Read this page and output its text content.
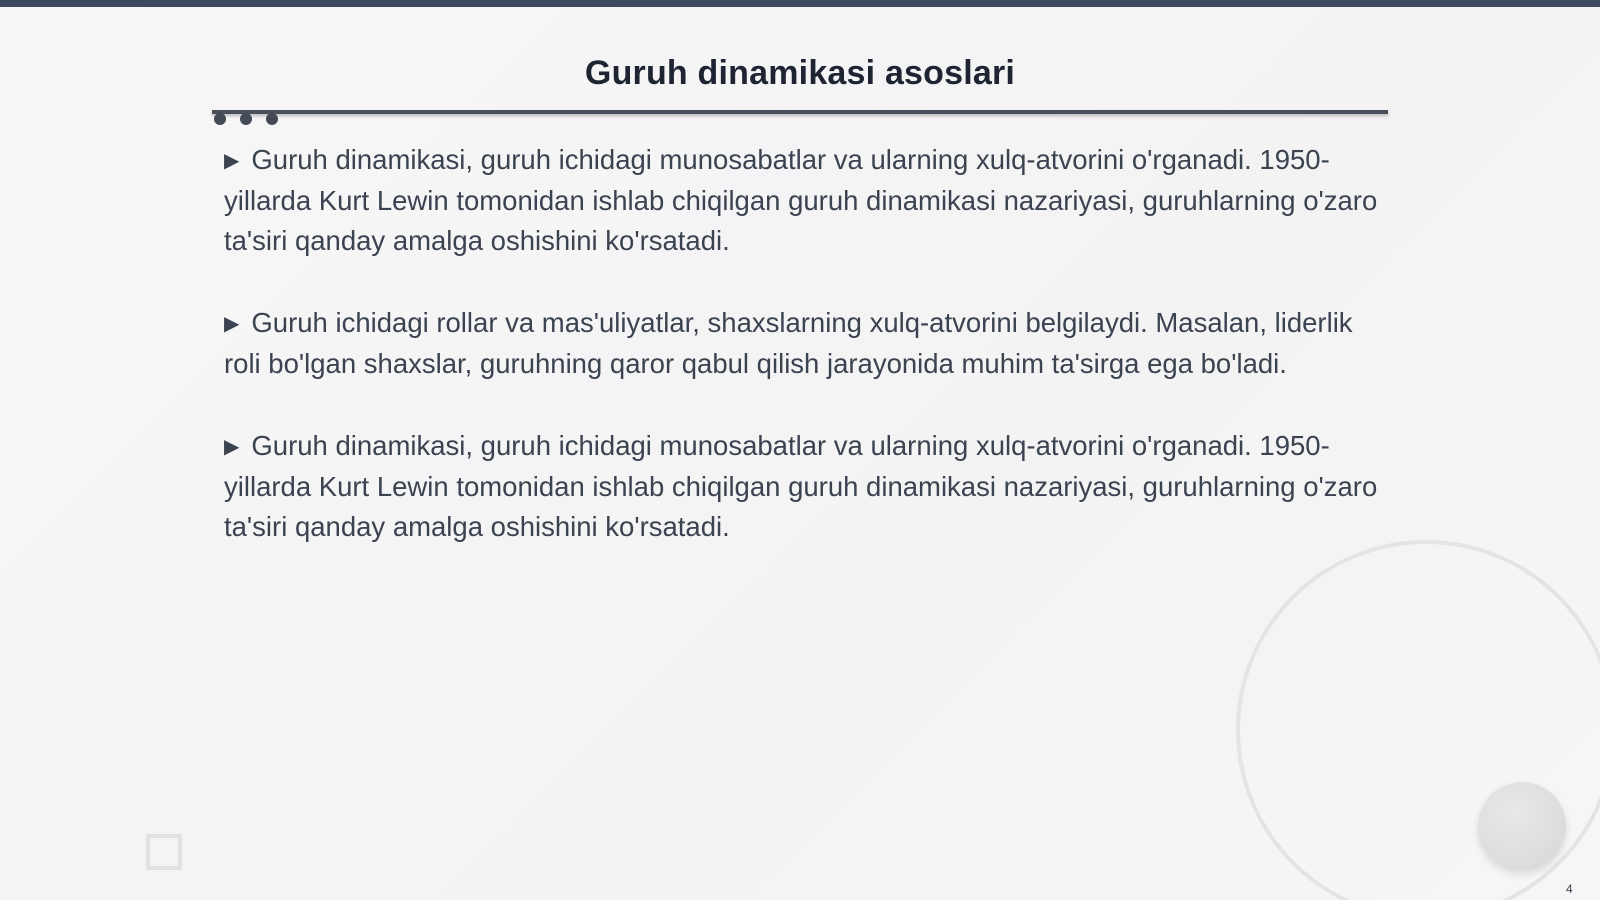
Guruh dinamikasi asoslari

▶ Guruh dinamikasi, guruh ichidagi munosabatlar va ularning xulq-atvorini o'rganadi. 1950-yillarda Kurt Lewin tomonidan ishlab chiqilgan guruh dinamikasi nazariyasi, guruhlarning o'zaro ta'siri qanday amalga oshishini ko'rsatadi.

▶ Guruh ichidagi rollar va mas'uliyatlar, shaxslarning xulq-atvorini belgilaydi. Masalan, liderlik roli bo'lgan shaxslar, guruhning qaror qabul qilish jarayonida muhim ta'sirga ega bo'ladi.

▶ Guruh dinamikasi, guruh ichidagi munosabatlar va ularning xulq-atvorini o'rganadi. 1950-yillarda Kurt Lewin tomonidan ishlab chiqilgan guruh dinamikasi nazariyasi, guruhlarning o'zaro ta'siri qanday amalga oshishini ko'rsatadi.

4
